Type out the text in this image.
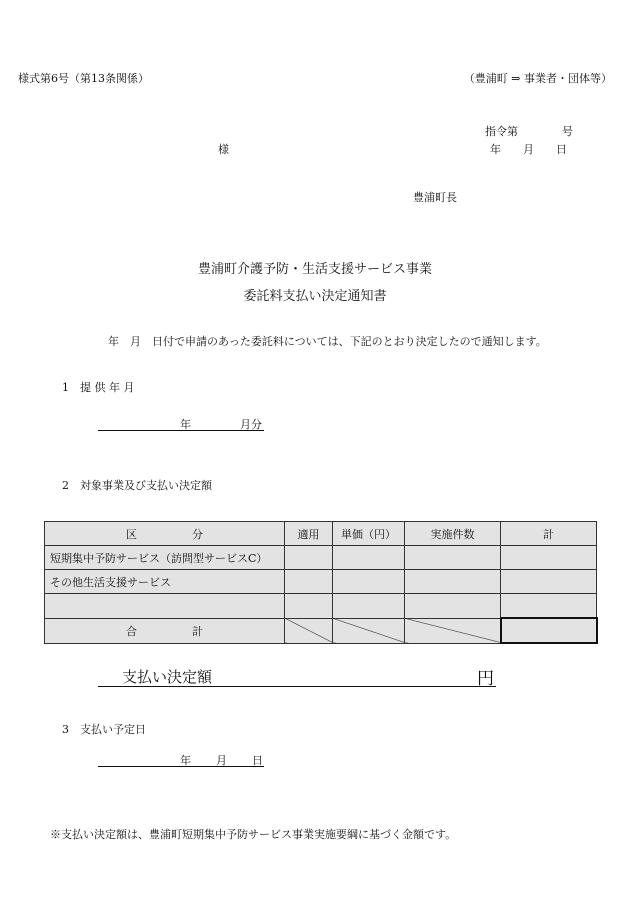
様式第6号（第13条関係）	（豊浦町 ⇒ 事業者・団体等）
指令第　　　　号
年　　月　　日
様
豊浦町長
豊浦町介護予防・生活支援サービス事業
委託料支払い決定通知書
年　月　日付で申請のあった委託料については、下記のとおり決定したので通知します。
1　提 供 年 月
年	月分
2　対象事業及び支払い決定額
区　　　　　分	適用	単価（円）	実施件数	計
短期集中予防サービス（訪問型サービスC）				
その他生活支援サービス				

合　　　　　計				
支払い決定額	円
3　支払い予定日
年 月 日
※支払い決定額は、豊浦町短期集中予防サービス事業実施要綱に基づく金額です。
